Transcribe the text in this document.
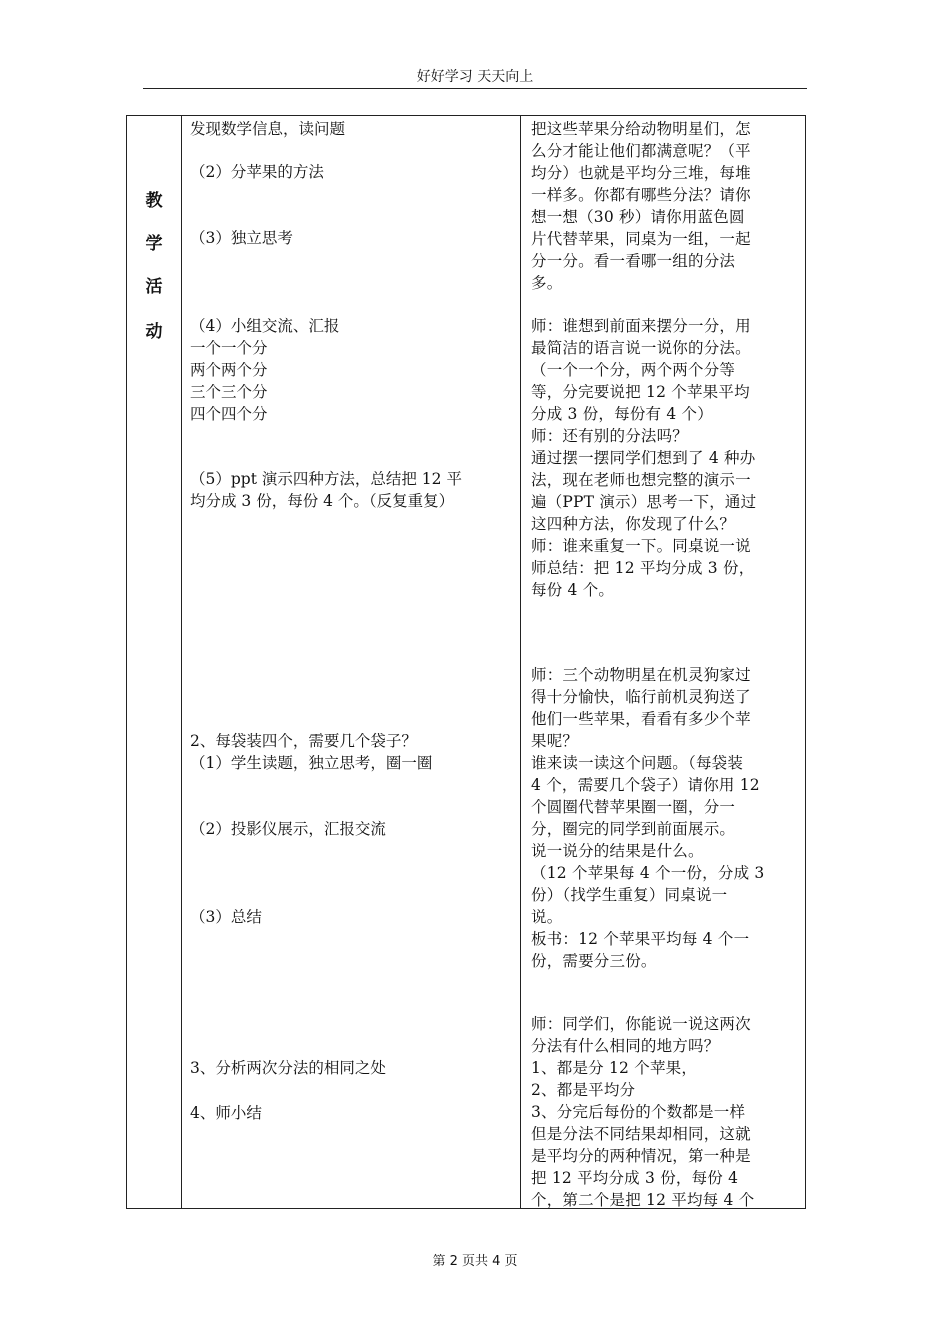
好好学习 天天向上
教
学
活
动
发现数学信息，读问题
（2）分苹果的方法
（3）独立思考
（4）小组交流、汇报
一个一个分
两个两个分
三个三个分
四个四个分
（5）ppt 演示四种方法，总结把 12 平
均分成 3 份，每份 4 个。（反复重复）
2、每袋装四个，需要几个袋子？
（1）学生读题，独立思考，圈一圈
（2）投影仪展示，汇报交流
（3）总结
3、分析两次分法的相同之处
4、师小结
把这些苹果分给动物明星们，怎
么分才能让他们都满意呢？（平
均分）也就是平均分三堆，每堆
一样多。你都有哪些分法？请你
想一想（30 秒）请你用蓝色圆
片代替苹果，同桌为一组，一起
分一分。看一看哪一组的分法
多。
师：谁想到前面来摆分一分，用
最简洁的语言说一说你的分法。
（一个一个分，两个两个分等
等，分完要说把 12 个苹果平均
分成 3 份，每份有 4 个）
师：还有别的分法吗？
通过摆一摆同学们想到了 4 种办
法，现在老师也想完整的演示一
遍（PPT 演示）思考一下，通过
这四种方法，你发现了什么？
师：谁来重复一下。同桌说一说
师总结：把 12 平均分成 3 份，
每份 4 个。
师：三个动物明星在机灵狗家过
得十分愉快，临行前机灵狗送了
他们一些苹果，看看有多少个苹
果呢？
谁来读一读这个问题。（每袋装
4 个，需要几个袋子）请你用 12
个圆圈代替苹果圈一圈，分一
分，圈完的同学到前面展示。
说一说分的结果是什么。
（12 个苹果每 4 个一份，分成 3
份）（找学生重复）同桌说一
说。
板书：12 个苹果平均每 4 个一
份，需要分三份。
师：同学们，你能说一说这两次
分法有什么相同的地方吗？
1、都是分 12 个苹果，
2、都是平均分
3、分完后每份的个数都是一样
但是分法不同结果却相同，这就
是平均分的两种情况，第一种是
把 12 平均分成 3 份，每份 4
个，第二个是把 12 平均每 4 个
第 2 页共 4 页
